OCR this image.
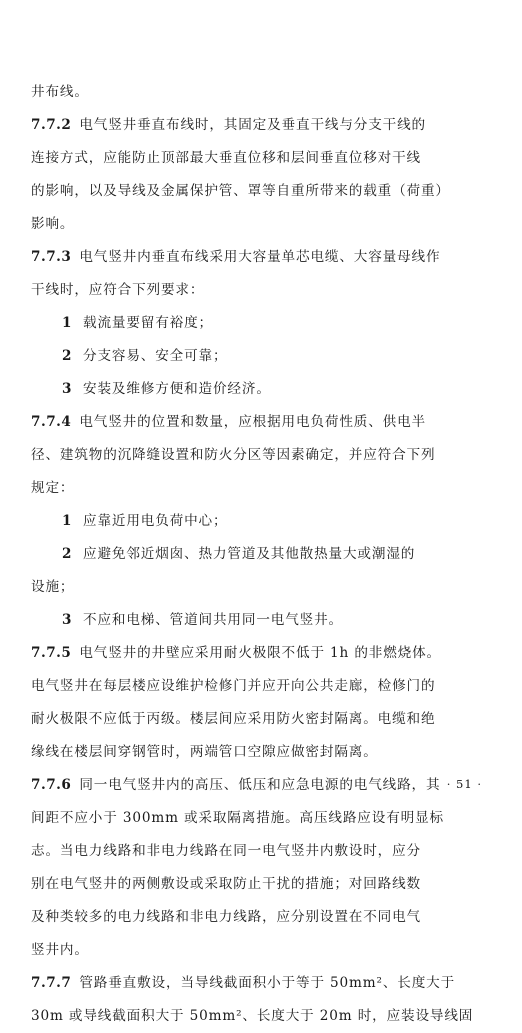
井布线。
7.7.2 电气竖井垂直布线时，其固定及垂直干线与分支干线的
连接方式，应能防止顶部最大垂直位移和层间垂直位移对干线
的影响，以及导线及金属保护管、罩等自重所带来的载重（荷重）
影响。
7.7.3 电气竖井内垂直布线采用大容量单芯电缆、大容量母线作
干线时，应符合下列要求：
1 载流量要留有裕度；
2 分支容易、安全可靠；
3 安装及维修方便和造价经济。
7.7.4 电气竖井的位置和数量，应根据用电负荷性质、供电半
径、建筑物的沉降缝设置和防火分区等因素确定，并应符合下列
规定：
1 应靠近用电负荷中心；
2 应避免邻近烟囱、热力管道及其他散热量大或潮湿的
设施；
3 不应和电梯、管道间共用同一电气竖井。
7.7.5 电气竖井的井壁应采用耐火极限不低于 1h 的非燃烧体。
电气竖井在每层楼应设维护检修门并应开向公共走廊，检修门的
耐火极限不应低于丙级。楼层间应采用防火密封隔离。电缆和绝
缘线在楼层间穿钢管时，两端管口空隙应做密封隔离。
7.7.6 同一电气竖井内的高压、低压和应急电源的电气线路，其
间距不应小于 300mm 或采取隔离措施。高压线路应设有明显标
志。当电力线路和非电力线路在同一电气竖井内敷设时，应分
别在电气竖井的两侧敷设或采取防止干扰的措施；对回路线数
及种类较多的电力线路和非电力线路，应分别设置在不同电气
竖井内。
7.7.7 管路垂直敷设，当导线截面积小于等于 50mm²、长度大于
30m 或导线截面积大于 50mm²、长度大于 20m 时，应装设导线固
· 51 ·
